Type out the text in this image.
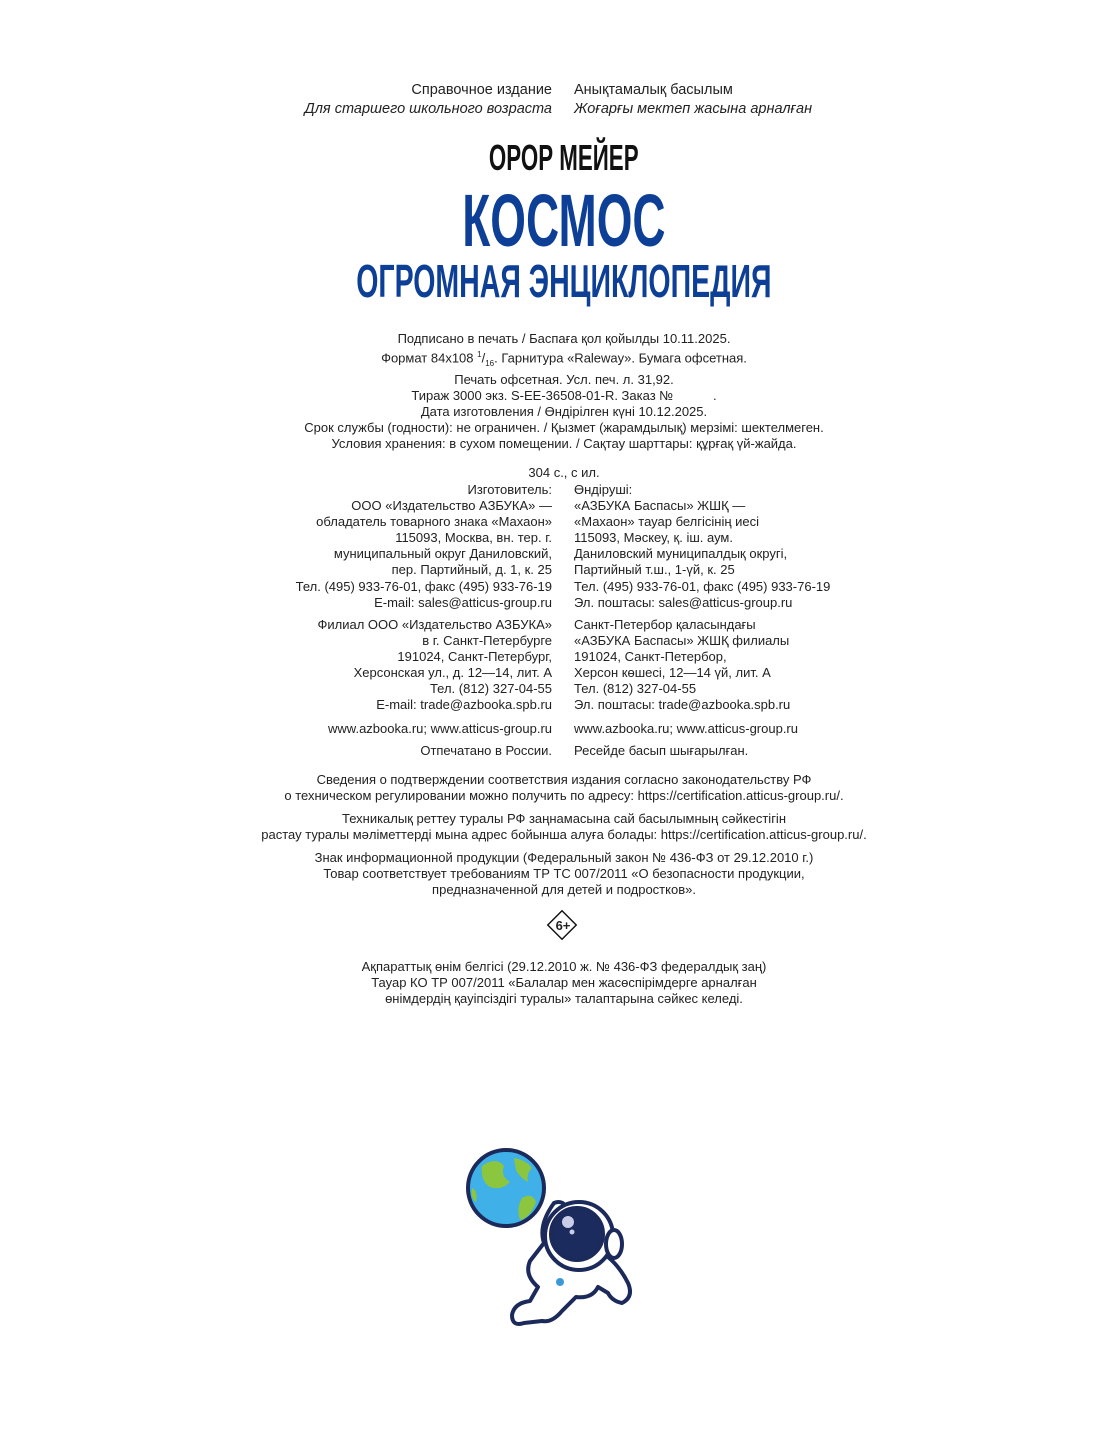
Справочное издание
Для старшего школьного возраста
Анықтамалық басылым
Жоғарғы мектеп жасына арналған
ОРОР МЕЙЕР
КОСМОС
ОГРОМНАЯ ЭНЦИКЛОПЕДИЯ
Подписано в печать / Баспаға қол қойылды 10.11.2025.
Формат 84x108 $^1/_{16}$. Гарнитура «Raleway». Бумага офсетная.
Печать офсетная. Усл. печ. л. 31,92.
Тираж 3000 экз. S-EE-36508-01-R. Заказ №           .
Дата изготовления / Өндірілген күні 10.12.2025.
Срок службы (годности): не ограничен. / Қызмет (жарамдылық) мерзімі: шектелмеген.
Условия хранения: в сухом помещении. / Сақтау шарттары: құрғақ үй-жайда.
304 с., с ил.
Изготовитель:
ООО «Издательство АЗБУКА» —
обладатель товарного знака «Махаон»
115093, Москва, вн. тер. г.
муниципальный округ Даниловский,
пер. Партийный, д. 1, к. 25
Тел. (495) 933-76-01, факс (495) 933-76-19
E-mail: sales@atticus-group.ru
Өндіруші:
«АЗБУКА Баспасы» ЖШҚ —
«Махаон» тауар белгісінің иесі
115093, Мәскеу, қ. іш. аум.
Даниловский муниципалдық округі,
Партийный т.ш., 1-үй, к. 25
Тел. (495) 933-76-01, факс (495) 933-76-19
Эл. поштасы: sales@atticus-group.ru
Филиал ООО «Издательство АЗБУКА»
в г. Санкт-Петербурге
191024, Санкт-Петербург,
Херсонская ул., д. 12—14, лит. А
Тел. (812) 327-04-55
E-mail: trade@azbooka.spb.ru
Санкт-Петербор қаласындағы
«АЗБУКА Баспасы» ЖШҚ филиалы
191024, Санкт-Петербор,
Херсон көшесі, 12—14 үй, лит. А
Тел. (812) 327-04-55
Эл. поштасы: trade@azbooka.spb.ru
www.azbooka.ru; www.atticus-group.ru www.azbooka.ru; www.atticus-group.ru
Отпечатано в России. Ресейде басып шығарылған.
Сведения о подтверждении соответствия издания согласно законодательству РФ
о техническом регулировании можно получить по адресу: https://certification.atticus-group.ru/.
Техникалық реттеу туралы РФ заңнамасына сай басылымның сәйкестігін
растау туралы мәліметтерді мына адрес бойынша алуға болады: https://certification.atticus-group.ru/.
Знак информационной продукции (Федеральный закон № 436-ФЗ от 29.12.2010 г.)
Товар соответствует требованиям ТР ТС 007/2011 «О безопасности продукции,
предназначенной для детей и подростков».
6+
Ақпараттық өнім белгісі (29.12.2010 ж. № 436-ФЗ федералдық заң)
Тауар КО ТР 007/2011 «Балалар мен жасөспірімдерге арналған
өнімдердің қауіпсіздігі туралы» талаптарына сәйкес келеді.
